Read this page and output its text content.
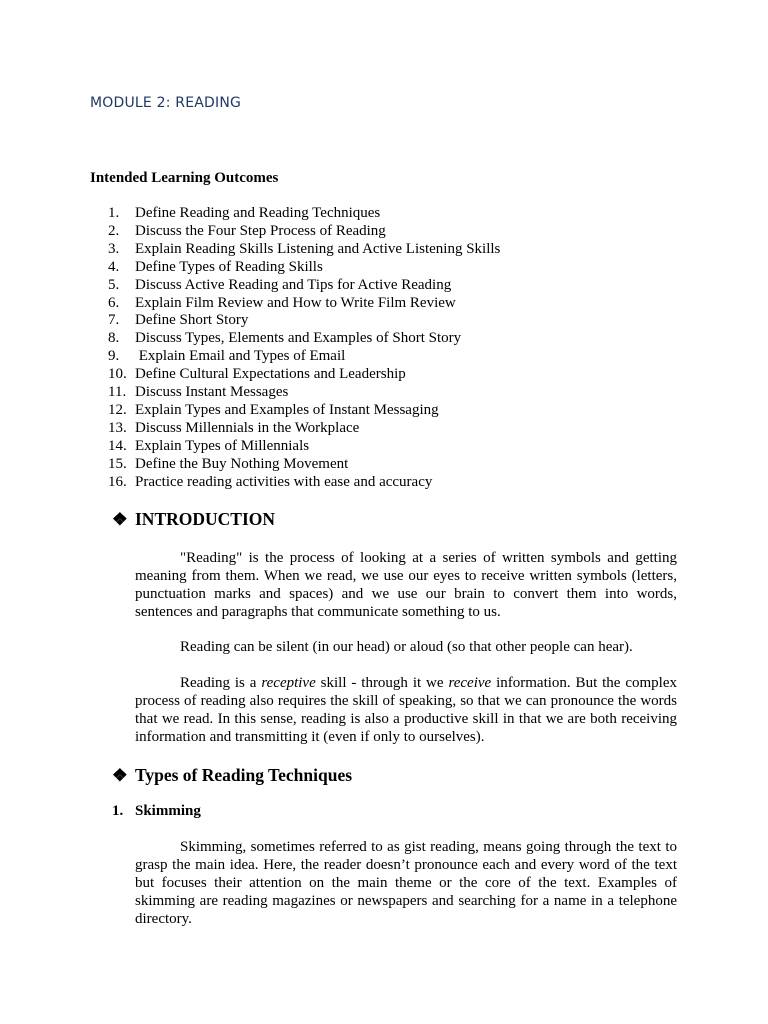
MODULE 2: READING
Intended Learning Outcomes
1. Define Reading and Reading Techniques
2. Discuss the Four Step Process of Reading
3. Explain Reading Skills Listening and Active Listening Skills
4. Define Types of Reading Skills
5. Discuss Active Reading and Tips for Active Reading
6. Explain Film Review and How to Write Film Review
7. Define Short Story
8. Discuss Types, Elements and Examples of Short Story
9. Explain Email and Types of Email
10. Define Cultural Expectations and Leadership
11. Discuss Instant Messages
12. Explain Types and Examples of Instant Messaging
13. Discuss Millennials in the Workplace
14. Explain Types of Millennials
15. Define the Buy Nothing Movement
16. Practice reading activities with ease and accuracy
❖ INTRODUCTION

"Reading" is the process of looking at a series of written symbols and getting meaning from them. When we read, we use our eyes to receive written symbols (letters, punctuation marks and spaces) and we use our brain to convert them into words, sentences and paragraphs that communicate something to us.

Reading can be silent (in our head) or aloud (so that other people can hear).

Reading is a receptive skill - through it we receive information. But the complex process of reading also requires the skill of speaking, so that we can pronounce the words that we read. In this sense, reading is also a productive skill in that we are both receiving information and transmitting it (even if only to ourselves).

❖ Types of Reading Techniques
1. Skimming

Skimming, sometimes referred to as gist reading, means going through the text to grasp the main idea. Here, the reader doesn’t pronounce each and every word of the text but focuses their attention on the main theme or the core of the text. Examples of skimming are reading magazines or newspapers and searching for a name in a telephone directory.
